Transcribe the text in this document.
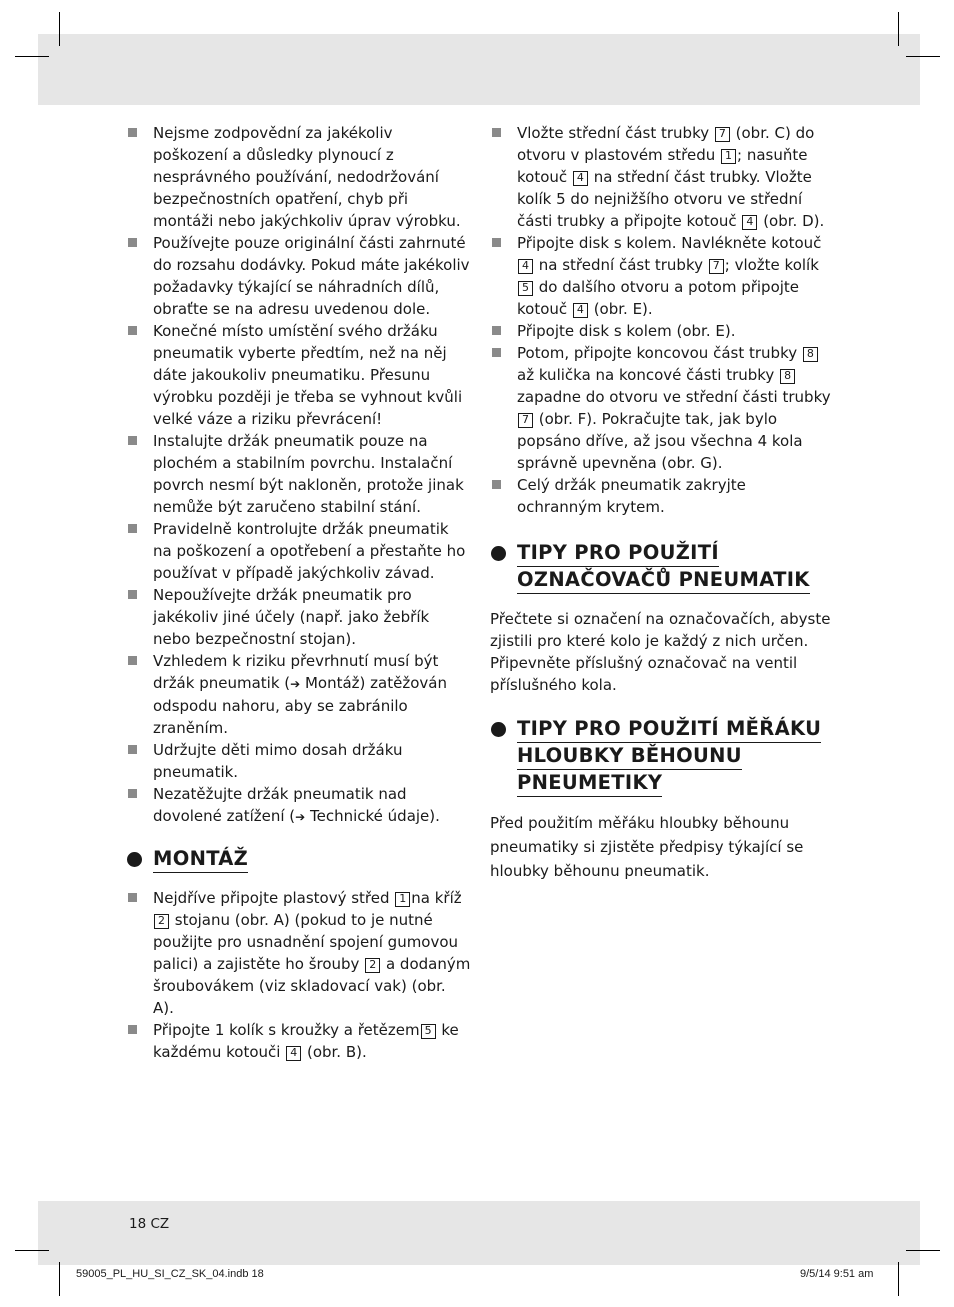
Nejsme zodpovědní za jakékoliv poškození a důsledky plynoucí z nesprávného používání, nedodržování bezpečnostních opatření, chyb při montáži nebo jakýchkoliv úprav výrobku.
Používejte pouze originální části zahrnuté do rozsahu dodávky. Pokud máte jakékoliv požadavky týkající se náhradních dílů, obraťte se na adresu uvedenou dole.
Konečné místo umístění svého držáku pneumatik vyberte předtím, než na něj dáte jakoukoliv pneumatiku. Přesunu výrobku později je třeba se vyhnout kvůli velké váze a riziku převrácení!
Instalujte držák pneumatik pouze na plochém a stabilním povrchu. Instalační povrch nesmí být nakloněn, protože jinak nemůže být zaručeno stabilní stání.
Pravidelně kontrolujte držák pneumatik na poškození a opotřebení a přestaňte ho používat v případě jakýchkoliv závad.
Nepoužívejte držák pneumatik pro jakékoliv jiné účely (např. jako žebřík nebo bezpečnostní stojan).
Vzhledem k riziku převrhnutí musí být držák pneumatik (➔ Montáž) zatěžován odspodu nahoru, aby se zabránilo zraněním.
Udržujte děti mimo dosah držáku pneumatik.
Nezatěžujte držák pneumatik nad dovolené zatížení (➔ Technické údaje).
MONTÁŽ
Nejdříve připojte plastový střed 1 na kříž 2 stojanu (obr. A) (pokud to je nutné použijte pro usnadnění spojení gumovou palici) a zajistěte ho šrouby 2 a dodaným šroubovákem (viz skladovací vak) (obr. A).
Připojte 1 kolík s kroužky a řetězem 5 ke každému kotouči 4 (obr. B).
Vložte střední část trubky 7 (obr. C) do otvoru v plastovém středu 1 ; nasuňte kotouč 4 na střední část trubky. Vložte kolík 5 do nejnižšího otvoru ve střední části trubky a připojte kotouč 4 (obr. D).
Připojte disk s kolem. Navlékněte kotouč 4 na střední část trubky 7 ; vložte kolík 5 do dalšího otvoru a potom připojte kotouč 4 (obr. E).
Připojte disk s kolem (obr. E).
Potom, připojte koncovou část trubky 8 až kulička na koncové části trubky 8 zapadne do otvoru ve střední části trubky 7 (obr. F). Pokračujte tak, jak bylo popsáno dříve, až jsou všechna 4 kola správně upevněna (obr. G).
Celý držák pneumatik zakryjte ochranným krytem.
TIPY PRO POUŽITÍ
OZNAČOVAČŮ PNEUMATIK

Přečtete si označení na označovačích, abyste zjistili pro které kolo je každý z nich určen. Připevněte příslušný označovač na ventil příslušného kola.

TIPY PRO POUŽITÍ MĚŘÁKU
HLOUBKY BĚHOUNU
PNEUMETIKY

Před použitím měřáku hloubky běhounu pneumatiky si zjistěte předpisy týkající se hloubky běhounu pneumatik.

18 CZ
59005_PL_HU_SI_CZ_SK_04.indb 18	9/5/14 9:51 am
